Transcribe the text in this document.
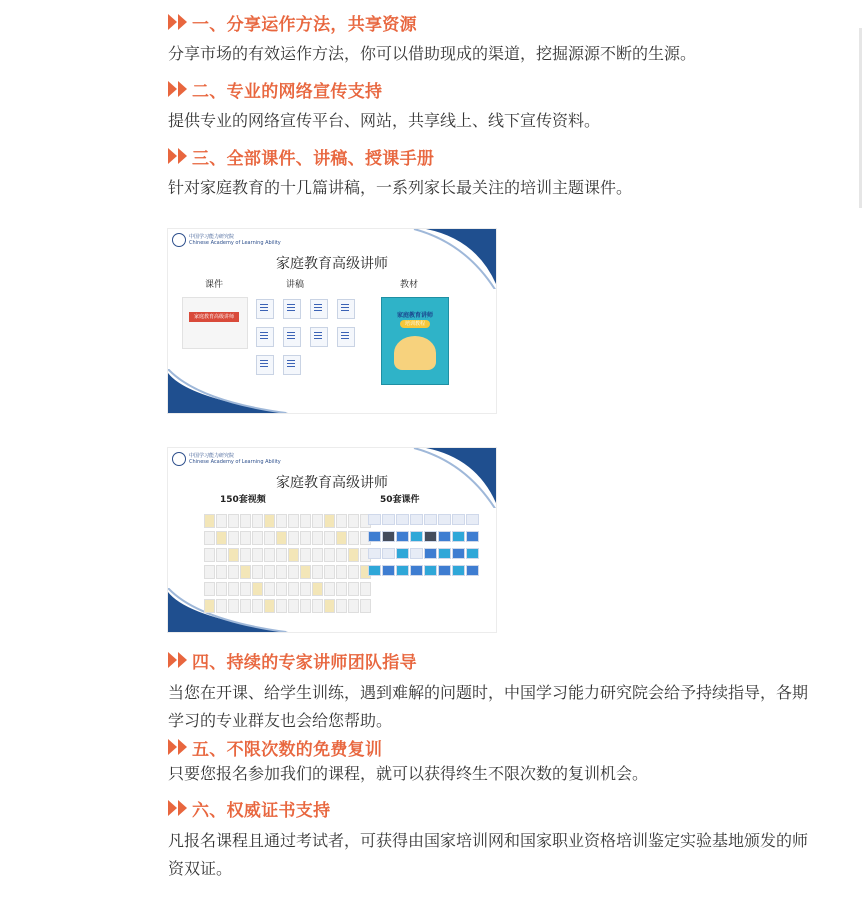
一、分享运作方法，共享资源
分享市场的有效运作方法，你可以借助现成的渠道，挖掘源源不断的生源。
二、专业的网络宣传支持
提供专业的网络宣传平台、网站，共享线上、线下宣传资料。
三、全部课件、讲稿、授课手册
针对家庭教育的十几篇讲稿，一系列家长最关注的培训主题课件。
中国学习能力研究院
Chinese Academy of Learning Ability
家庭教育高级讲师
课件	讲稿	教材
家庭教育高级讲师	家庭教育讲师
培训教程
中国学习能力研究院
Chinese Academy of Learning Ability
家庭教育高级讲师
150套视频	50套课件
四、持续的专家讲师团队指导
当您在开课、给学生训练，遇到难解的问题时，中国学习能力研究院会给予持续指导，各期学习的专业群友也会给您帮助。
五、不限次数的免费复训
只要您报名参加我们的课程，就可以获得终生不限次数的复训机会。
六、权威证书支持
凡报名课程且通过考试者，可获得由国家培训网和国家职业资格培训鉴定实验基地颁发的师资双证。
